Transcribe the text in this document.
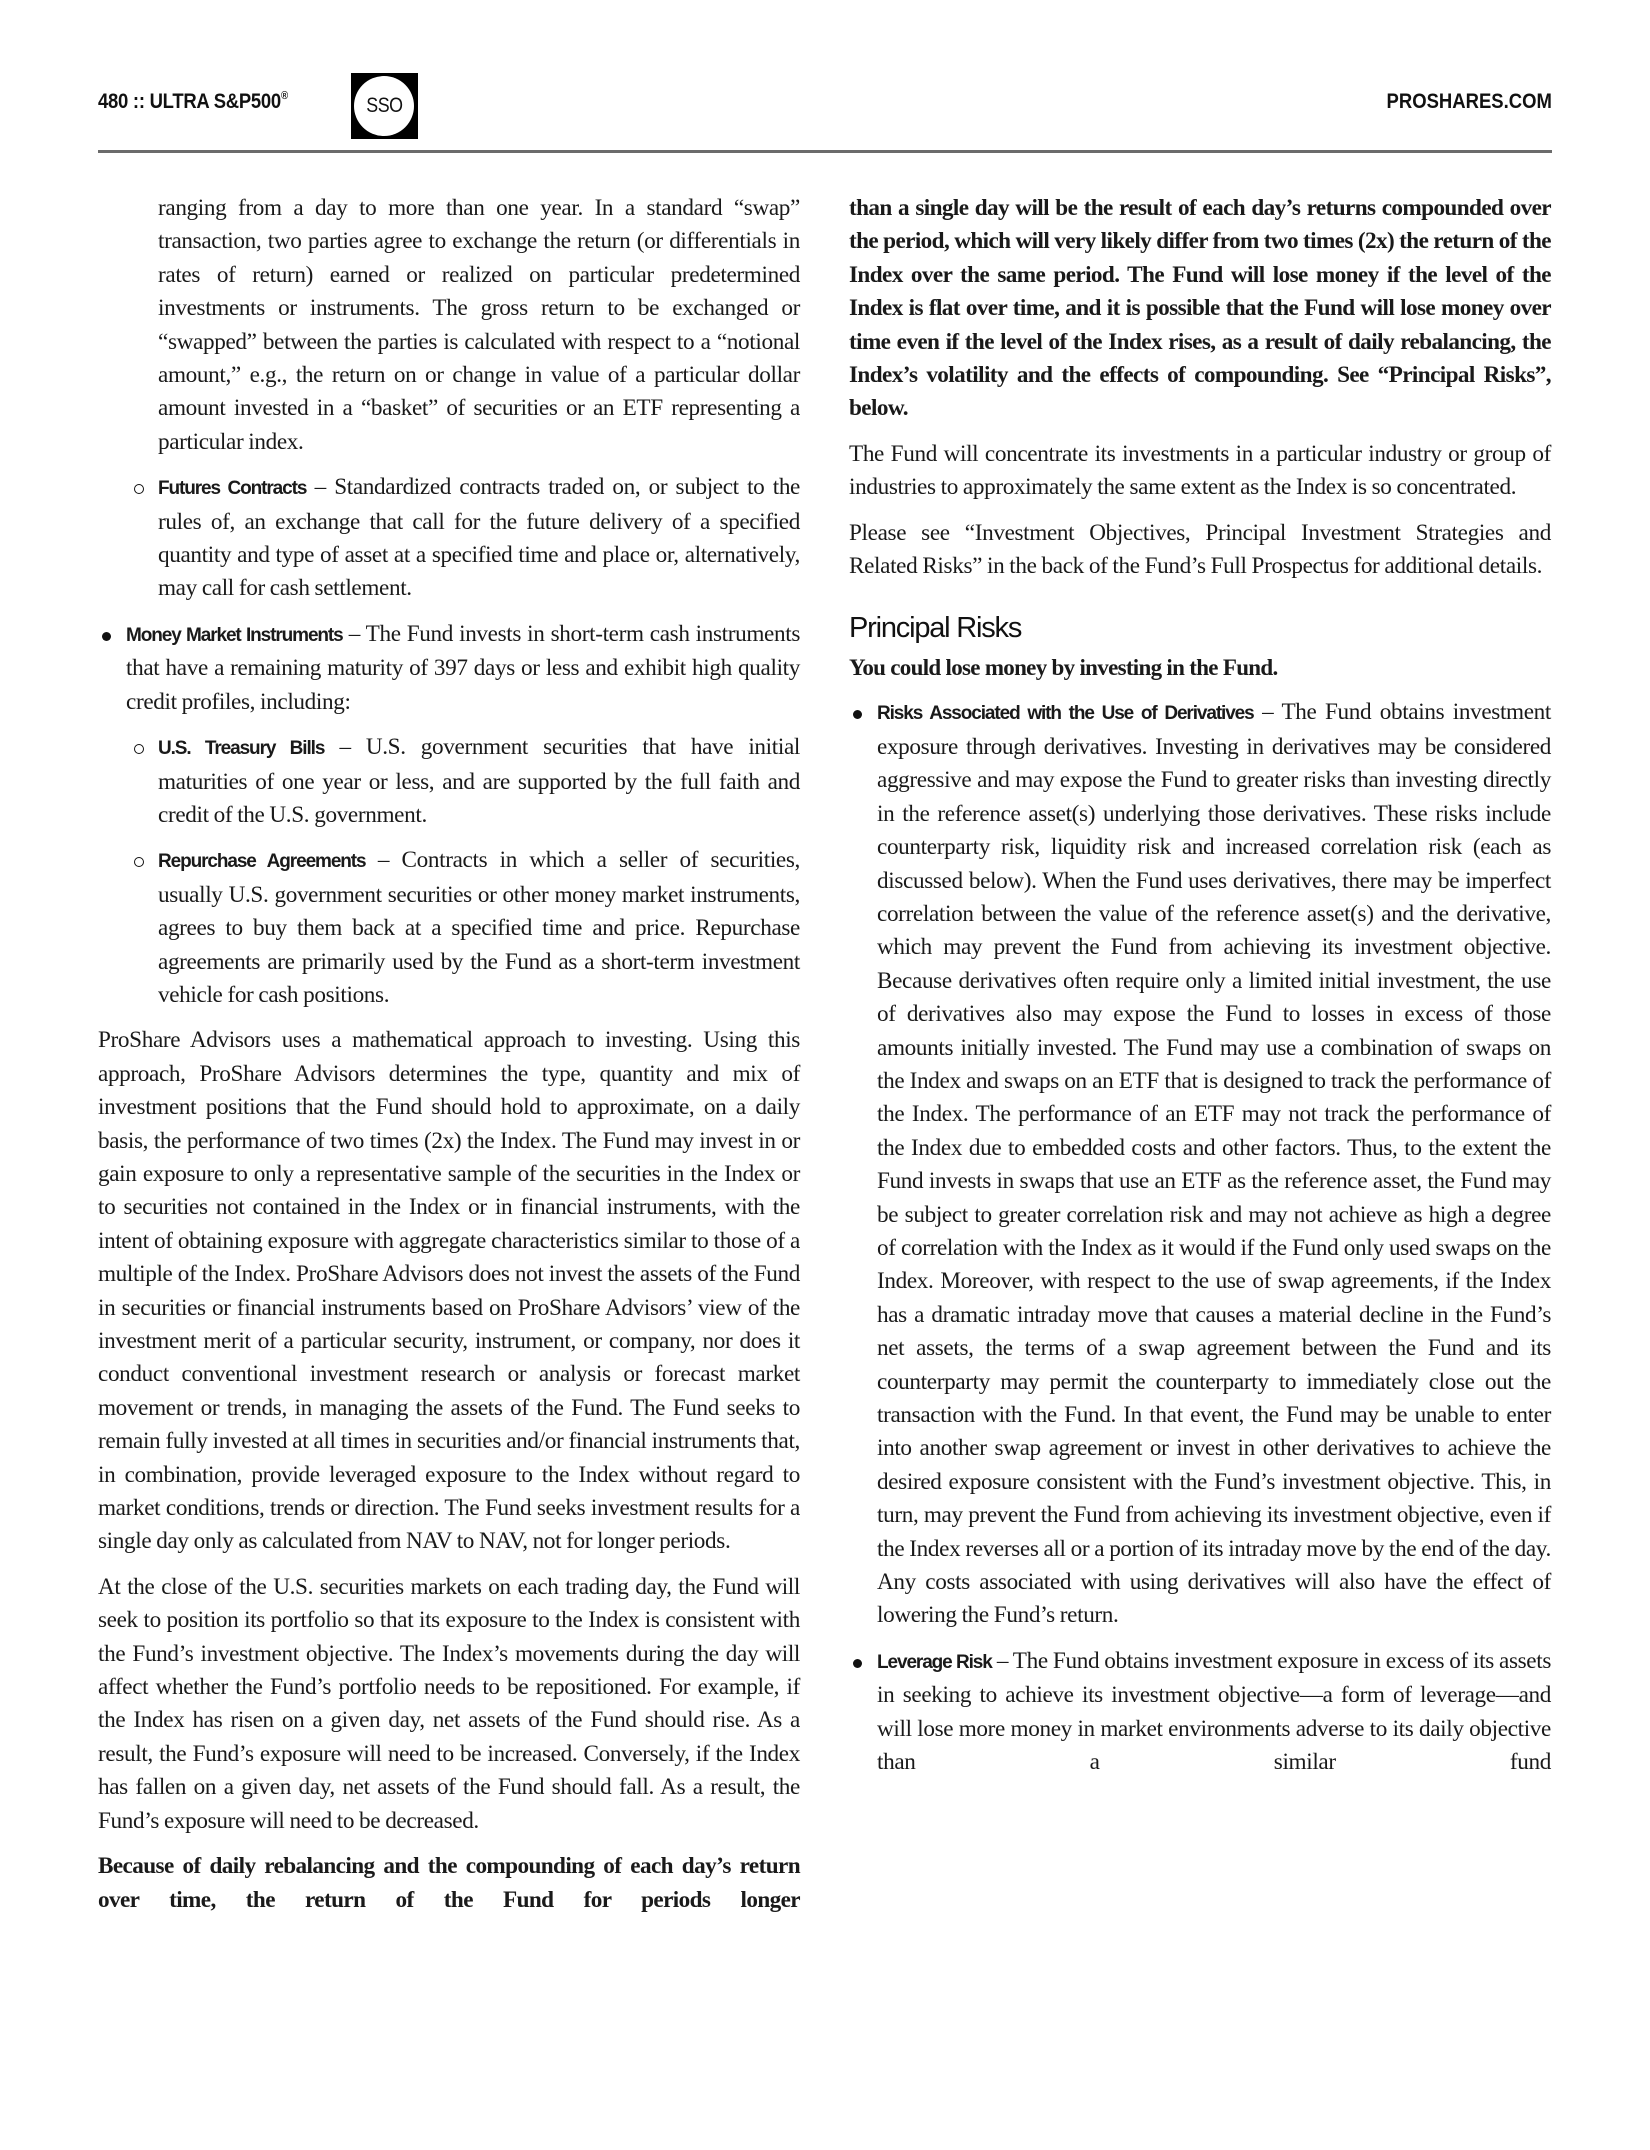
480 :: ULTRA S&P500®	SSO	PROSHARES.COM

ranging from a day to more than one year. In a standard “swap” transaction, two parties agree to exchange the return (or differentials in rates of return) earned or realized on particular predetermined investments or instruments. The gross return to be exchanged or “swapped” between the parties is calculated with respect to a “notional amount,” e.g., the return on or change in value of a particular dollar amount invested in a “basket” of securities or an ETF representing a particular index.

Futures Contracts – Standardized contracts traded on, or subject to the rules of, an exchange that call for the future delivery of a specified quantity and type of asset at a specified time and place or, alternatively, may call for cash settlement.

Money Market Instruments – The Fund invests in short-term cash instruments that have a remaining maturity of 397 days or less and exhibit high quality credit profiles, including:

U.S. Treasury Bills – U.S. government securities that have initial maturities of one year or less, and are supported by the full faith and credit of the U.S. government.

Repurchase Agreements – Contracts in which a seller of securities, usually U.S. government securities or other money market instruments, agrees to buy them back at a specified time and price. Repurchase agreements are primarily used by the Fund as a short-term investment vehicle for cash positions.

ProShare Advisors uses a mathematical approach to investing. Using this approach, ProShare Advisors determines the type, quantity and mix of investment positions that the Fund should hold to approximate, on a daily basis, the performance of two times (2x) the Index. The Fund may invest in or gain exposure to only a representative sample of the securities in the Index or to securities not contained in the Index or in financial instruments, with the intent of obtaining exposure with aggregate characteristics similar to those of a multiple of the Index. ProShare Advisors does not invest the assets of the Fund in securities or financial instruments based on ProShare Advisors’ view of the investment merit of a particular security, instrument, or company, nor does it conduct conventional investment research or analysis or forecast market movement or trends, in managing the assets of the Fund. The Fund seeks to remain fully invested at all times in securities and/or financial instruments that, in combination, provide leveraged exposure to the Index without regard to market conditions, trends or direction. The Fund seeks investment results for a single day only as calculated from NAV to NAV, not for longer periods.

At the close of the U.S. securities markets on each trading day, the Fund will seek to position its portfolio so that its exposure to the Index is consistent with the Fund’s investment objective. The Index’s movements during the day will affect whether the Fund’s portfolio needs to be repositioned. For example, if the Index has risen on a given day, net assets of the Fund should rise. As a result, the Fund’s exposure will need to be increased. Conversely, if the Index has fallen on a given day, net assets of the Fund should fall. As a result, the Fund’s exposure will need to be decreased.

Because of daily rebalancing and the compounding of each day’s return over time, the return of the Fund for periods longer

than a single day will be the result of each day’s returns compounded over the period, which will very likely differ from two times (2x) the return of the Index over the same period. The Fund will lose money if the level of the Index is flat over time, and it is possible that the Fund will lose money over time even if the level of the Index rises, as a result of daily rebalancing, the Index’s volatility and the effects of compounding. See “Principal Risks”, below.

The Fund will concentrate its investments in a particular industry or group of industries to approximately the same extent as the Index is so concentrated.

Please see “Investment Objectives, Principal Investment Strategies and Related Risks” in the back of the Fund’s Full Prospectus for additional details.

Principal Risks

You could lose money by investing in the Fund.

Risks Associated with the Use of Derivatives – The Fund obtains investment exposure through derivatives. Investing in derivatives may be considered aggressive and may expose the Fund to greater risks than investing directly in the reference asset(s) underlying those derivatives. These risks include counterparty risk, liquidity risk and increased correlation risk (each as discussed below). When the Fund uses derivatives, there may be imperfect correlation between the value of the reference asset(s) and the derivative, which may prevent the Fund from achieving its investment objective. Because derivatives often require only a limited initial investment, the use of derivatives also may expose the Fund to losses in excess of those amounts initially invested. The Fund may use a combination of swaps on the Index and swaps on an ETF that is designed to track the performance of the Index. The performance of an ETF may not track the performance of the Index due to embedded costs and other factors. Thus, to the extent the Fund invests in swaps that use an ETF as the reference asset, the Fund may be subject to greater correlation risk and may not achieve as high a degree of correlation with the Index as it would if the Fund only used swaps on the Index. Moreover, with respect to the use of swap agreements, if the Index has a dramatic intraday move that causes a material decline in the Fund’s net assets, the terms of a swap agreement between the Fund and its counterparty may permit the counterparty to immediately close out the transaction with the Fund. In that event, the Fund may be unable to enter into another swap agreement or invest in other derivatives to achieve the desired exposure consistent with the Fund’s investment objective. This, in turn, may prevent the Fund from achieving its investment objective, even if the Index reverses all or a portion of its intraday move by the end of the day. Any costs associated with using derivatives will also have the effect of lowering the Fund’s return.

Leverage Risk – The Fund obtains investment exposure in excess of its assets in seeking to achieve its investment objective—a form of leverage—and will lose more money in market environments adverse to its daily objective than a similar fund
